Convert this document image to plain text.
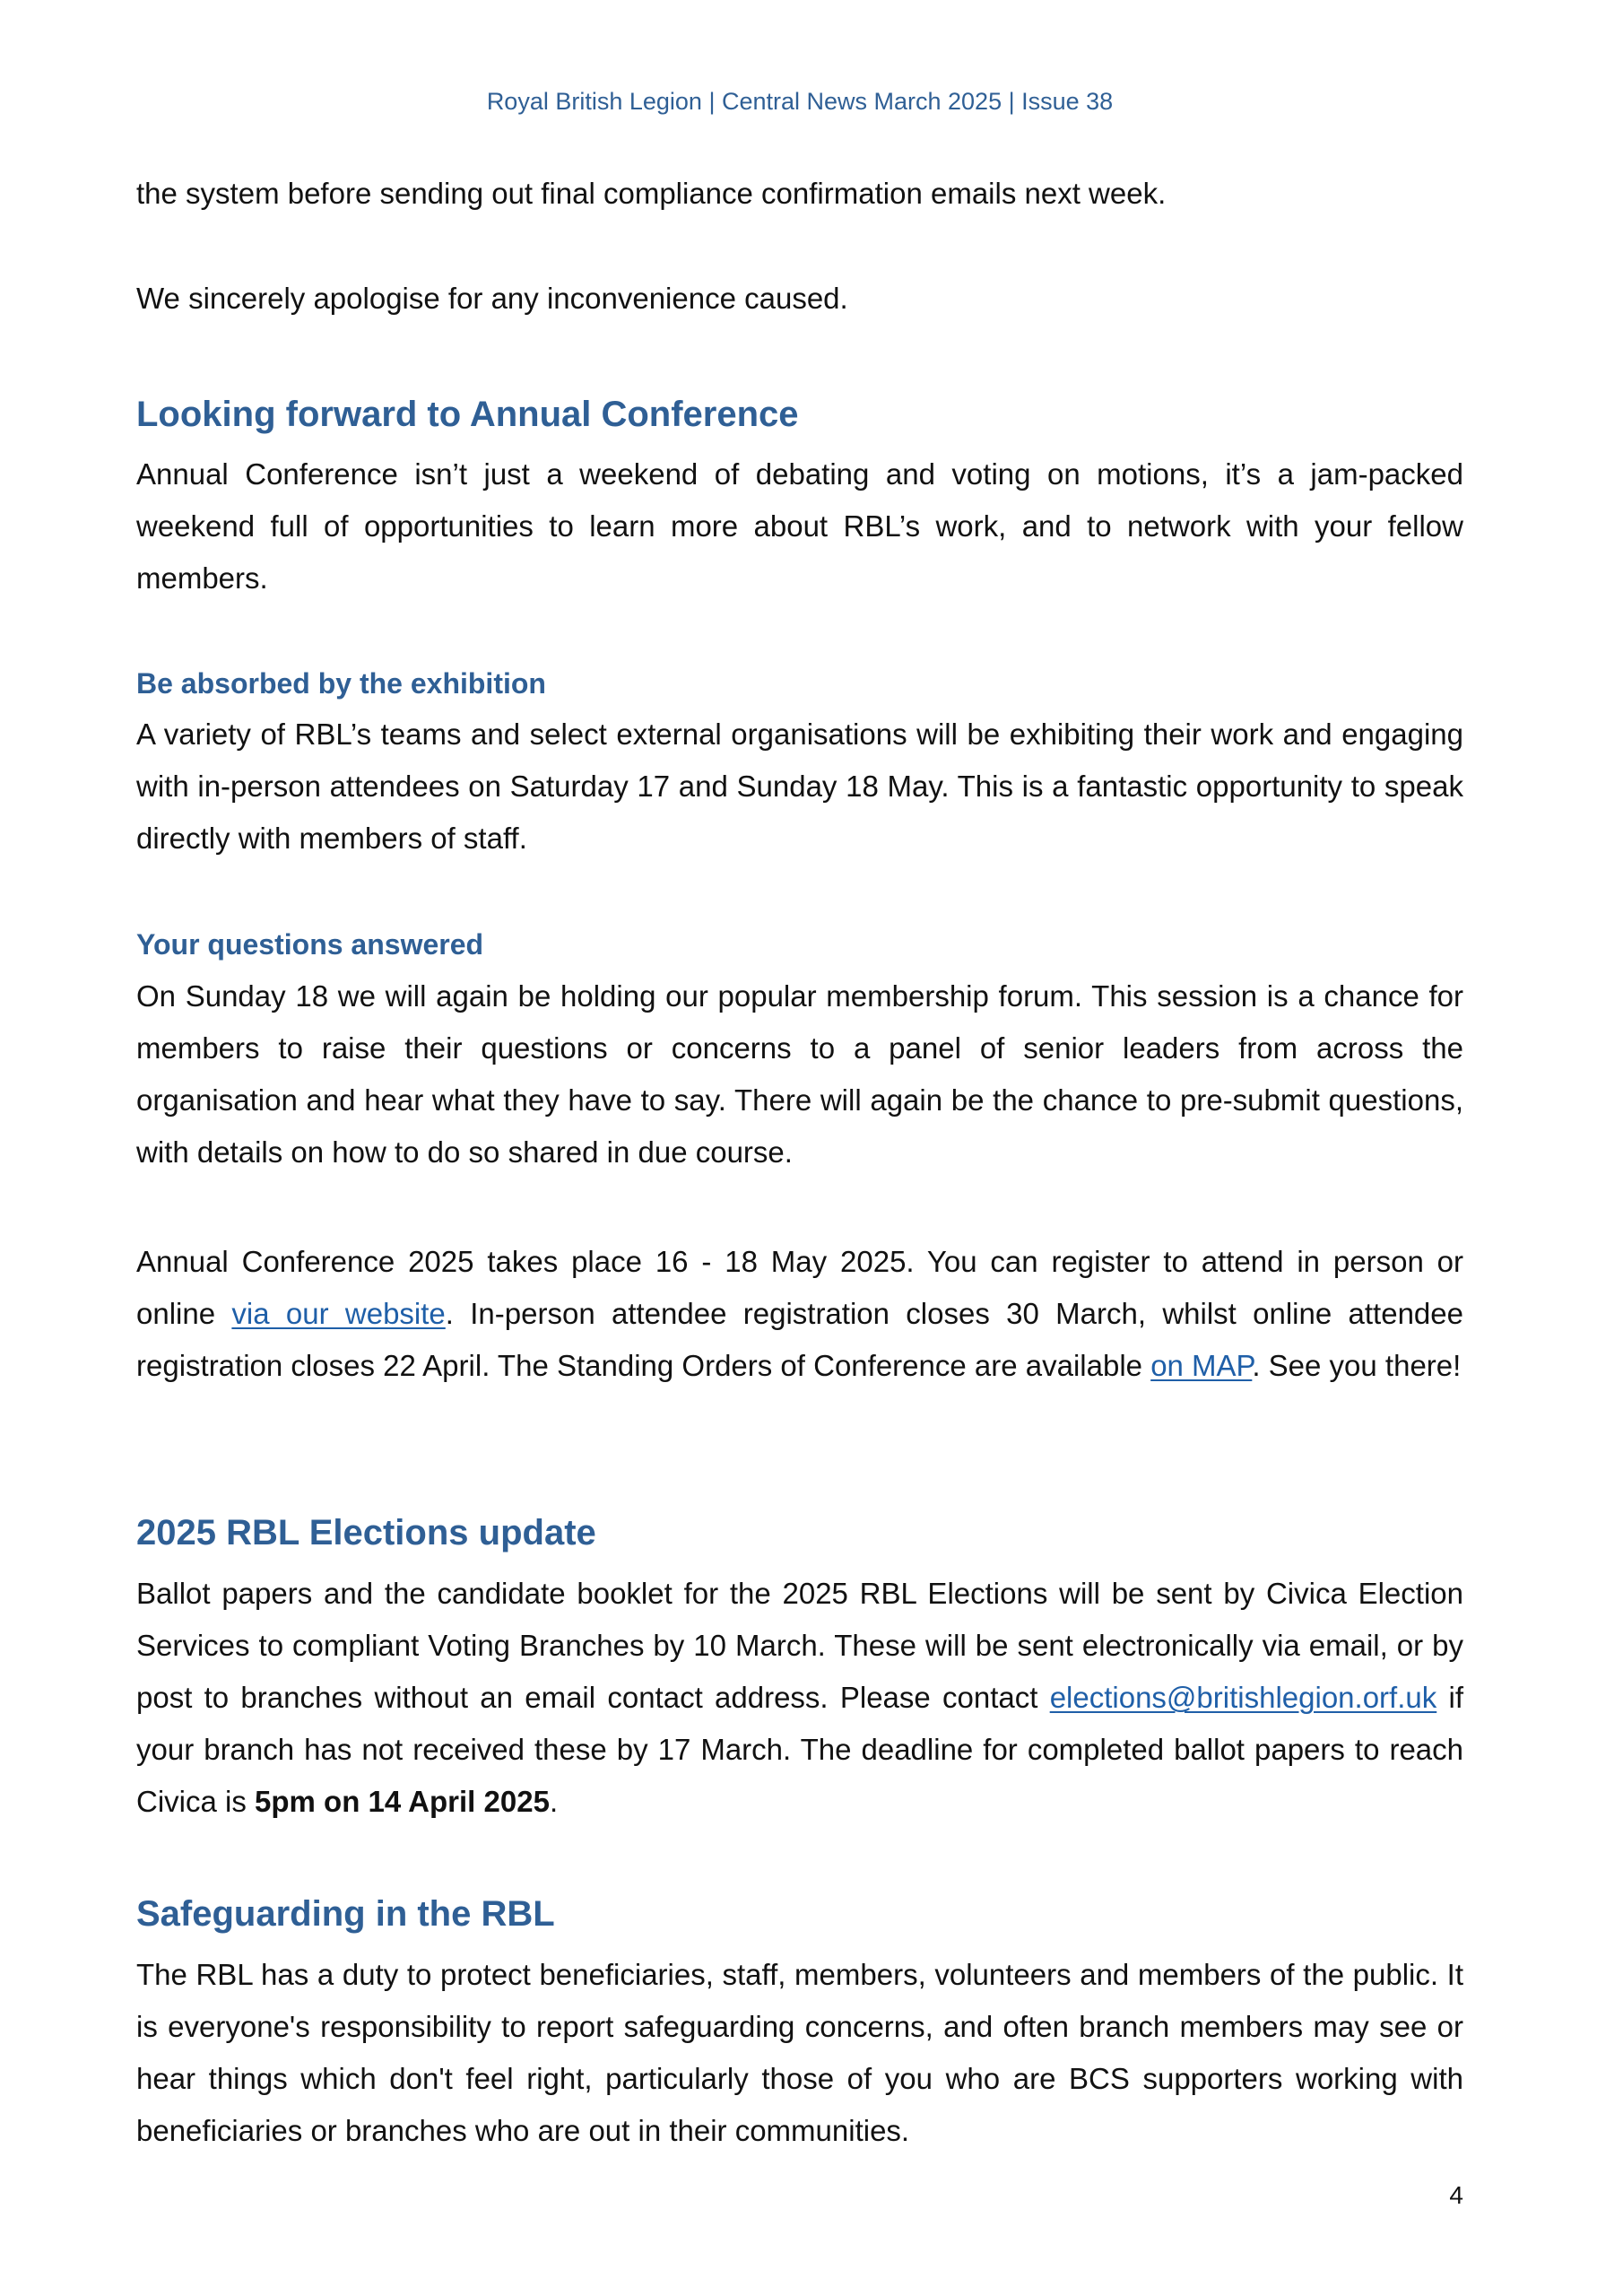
Royal British Legion | Central News March 2025 | Issue 38

the system before sending out final compliance confirmation emails next week.

We sincerely apologise for any inconvenience caused.

Looking forward to Annual Conference

Annual Conference isn’t just a weekend of debating and voting on motions, it’s a jam-packed weekend full of opportunities to learn more about RBL’s work, and to network with your fellow members.

Be absorbed by the exhibition

A variety of RBL’s teams and select external organisations will be exhibiting their work and engaging with in-person attendees on Saturday 17 and Sunday 18 May. This is a fantastic opportunity to speak directly with members of staff.

Your questions answered

On Sunday 18 we will again be holding our popular membership forum. This session is a chance for members to raise their questions or concerns to a panel of senior leaders from across the organisation and hear what they have to say. There will again be the chance to pre-submit questions, with details on how to do so shared in due course.

Annual Conference 2025 takes place 16 - 18 May 2025. You can register to attend in person or online via our website. In-person attendee registration closes 30 March, whilst online attendee registration closes 22 April. The Standing Orders of Conference are available on MAP. See you there!

2025 RBL Elections update

Ballot papers and the candidate booklet for the 2025 RBL Elections will be sent by Civica Election Services to compliant Voting Branches by 10 March. These will be sent electronically via email, or by post to branches without an email contact address. Please contact elections@britishlegion.orf.uk if your branch has not received these by 17 March. The deadline for completed ballot papers to reach Civica is 5pm on 14 April 2025.

Safeguarding in the RBL

The RBL has a duty to protect beneficiaries, staff, members, volunteers and members of the public. It is everyone's responsibility to report safeguarding concerns, and often branch members may see or hear things which don't feel right, particularly those of you who are BCS supporters working with beneficiaries or branches who are out in their communities.

4
